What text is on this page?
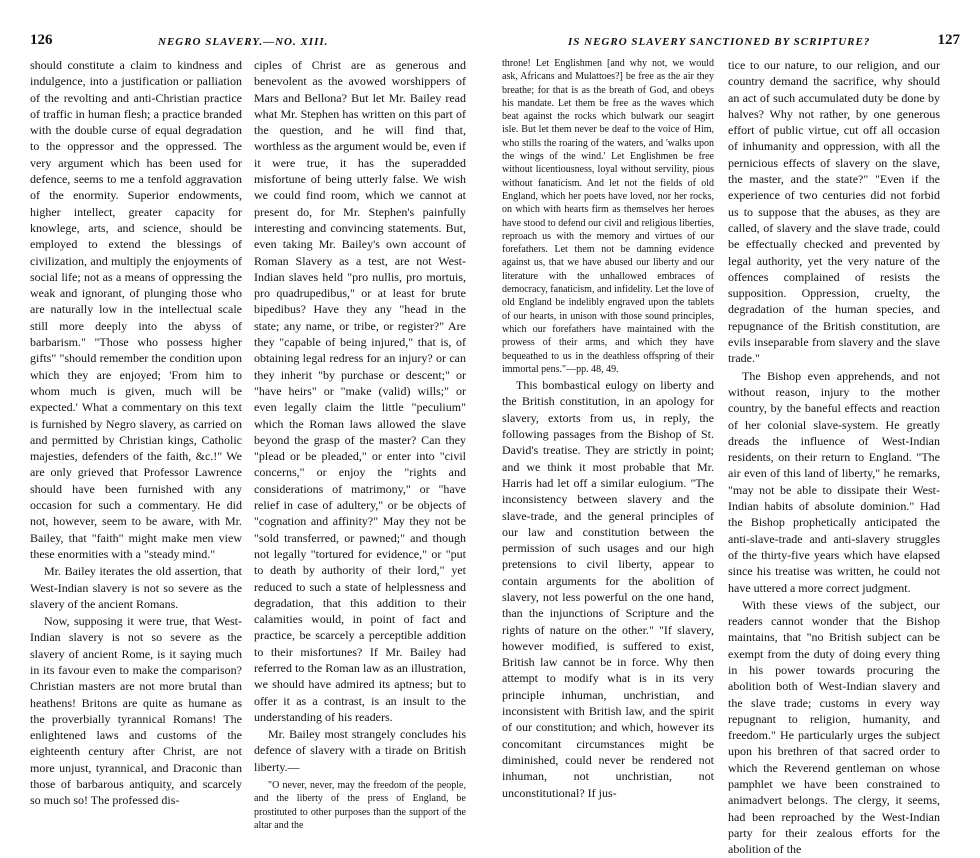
126	NEGRO SLAVERY.—NO. XIII.

should constitute a claim to kindness and indulgence, into a justification or palliation of the revolting and anti-Christian practice of traffic in human flesh; a practice branded with the double curse of equal degradation to the oppressor and the oppressed. The very argument which has been used for defence, seems to me a tenfold aggravation of the enormity. Superior endowments, higher intellect, greater capacity for knowlege, arts, and science, should be employed to extend the blessings of civilization, and multiply the enjoyments of social life; not as a means of oppressing the weak and ignorant, of plunging those who are naturally low in the intellectual scale still more deeply into the abyss of barbarism." "Those who possess higher gifts" "should remember the condition upon which they are enjoyed; 'From him to whom much is given, much will be expected.' What a commentary on this text is furnished by Negro slavery, as carried on and permitted by Christian kings, Catholic majesties, defenders of the faith, &c.!" We are only grieved that Professor Lawrence should have been furnished with any occasion for such a commentary. He did not, however, seem to be aware, with Mr. Bailey, that "faith" might make men view these enormities with a "steady mind."

Mr. Bailey iterates the old assertion, that West-Indian slavery is not so severe as the slavery of the ancient Romans.

Now, supposing it were true, that West-Indian slavery is not so severe as the slavery of ancient Rome, is it saying much in its favour even to make the comparison? Christian masters are not more brutal than heathens! Britons are quite as humane as the proverbially tyrannical Romans! The enlightened laws and customs of the eighteenth century after Christ, are not more unjust, tyrannical, and Draconic than those of barbarous antiquity, and scarcely so much so! The professed dis-

ciples of Christ are as generous and benevolent as the avowed worshippers of Mars and Bellona? But let Mr. Bailey read what Mr. Stephen has written on this part of the question, and he will find that, worthless as the argument would be, even if it were true, it has the superadded misfortune of being utterly false. We wish we could find room, which we cannot at present do, for Mr. Stephen's painfully interesting and convincing statements. But, even taking Mr. Bailey's own account of Roman Slavery as a test, are not West-Indian slaves held "pro nullis, pro mortuis, pro quadrupedibus," or at least for brute bipedibus? Have they any "head in the state; any name, or tribe, or register?" Are they "capable of being injured," that is, of obtaining legal redress for an injury? or can they inherit "by purchase or descent;" or "have heirs" or "make (valid) wills;" or even legally claim the little "peculium" which the Roman laws allowed the slave beyond the grasp of the master? Can they "plead or be pleaded," or enter into "civil concerns," or enjoy the "rights and considerations of matrimony," or "have relief in case of adultery," or be objects of "cognation and affinity?" May they not be "sold transferred, or pawned;" and though not legally "tortured for evidence," or "put to death by authority of their lord," yet reduced to such a state of helplessness and degradation, that this addition to their calamities would, in point of fact and practice, be scarcely a perceptible addition to their misfortunes? If Mr. Bailey had referred to the Roman law as an illustration, we should have admired its aptness; but to offer it as a contrast, is an insult to the understanding of his readers.

Mr. Bailey most strangely concludes his defence of slavery with a tirade on British liberty.—

"O never, never, may the freedom of the people, and the liberty of the press of England, be prostituted to other purposes than the support of the altar and the

IS NEGRO SLAVERY SANCTIONED BY SCRIPTURE?	127

throne! Let Englishmen [and why not, we would ask, Africans and Mulattoes?] be free as the air they breathe; for that is as the breath of God, and obeys his mandate. Let them be free as the waves which beat against the rocks which bulwark our seagirt isle. But let them never be deaf to the voice of Him, who stills the roaring of the waters, and 'walks upon the wings of the wind.' Let Englishmen be free without licentiousness, loyal without servility, pious without fanaticism. And let not the fields of old England, which her poets have loved, nor her rocks, on which with hearts firm as themselves her heroes have stood to defend our civil and religious liberties, reproach us with the memory and virtues of our forefathers. Let them not be damning evidence against us, that we have abused our liberty and our literature with the unhallowed embraces of democracy, fanaticism, and infidelity. Let the love of old England be indelibly engraved upon the tablets of our hearts, in unison with those sound principles, which our forefathers have maintained with the prowess of their arms, and which they have bequeathed to us in the deathless offspring of their immortal pens."—pp. 48, 49.

This bombastical eulogy on liberty and the British constitution, in an apology for slavery, extorts from us, in reply, the following passages from the Bishop of St. David's treatise. They are strictly in point; and we think it most probable that Mr. Harris had let off a similar eulogium. "The inconsistency between slavery and the slave-trade, and the general principles of our law and constitution between the permission of such usages and our high pretensions to civil liberty, appear to contain arguments for the abolition of slavery, not less powerful on the one hand, than the injunctions of Scripture and the rights of nature on the other." "If slavery, however modified, is suffered to exist, British law cannot be in force. Why then attempt to modify what is in its very principle inhuman, unchristian, and inconsistent with British law, and the spirit of our constitution; and which, however its concomitant circumstances might be diminished, could never be rendered not inhuman, not unchristian, not unconstitutional? If jus-

tice to our nature, to our religion, and our country demand the sacrifice, why should an act of such accumulated duty be done by halves? Why not rather, by one generous effort of public virtue, cut off all occasion of inhumanity and oppression, with all the pernicious effects of slavery on the slave, the master, and the state?" "Even if the experience of two centuries did not forbid us to suppose that the abuses, as they are called, of slavery and the slave trade, could be effectually checked and prevented by legal authority, yet the very nature of the offences complained of resists the supposition. Oppression, cruelty, the degradation of the human species, and repugnance of the British constitution, are evils inseparable from slavery and the slave trade."

The Bishop even apprehends, and not without reason, injury to the mother country, by the baneful effects and reaction of her colonial slave-system. He greatly dreads the influence of West-Indian residents, on their return to England. "The air even of this land of liberty," he remarks, "may not be able to dissipate their West-Indian habits of absolute dominion." Had the Bishop prophetically anticipated the anti-slave-trade and anti-slavery struggles of the thirty-five years which have elapsed since his treatise was written, he could not have uttered a more correct judgment.

With these views of the subject, our readers cannot wonder that the Bishop maintains, that "no British subject can be exempt from the duty of doing every thing in his power towards procuring the abolition both of West-Indian slavery and the slave trade; customs in every way repugnant to religion, humanity, and freedom." He particularly urges the subject upon his brethren of that sacred order to which the Reverend gentleman on whose pamphlet we have been constrained to animadvert belongs. The clergy, it seems, had been reproached by the West-Indian party for their zealous efforts for the abolition of the
